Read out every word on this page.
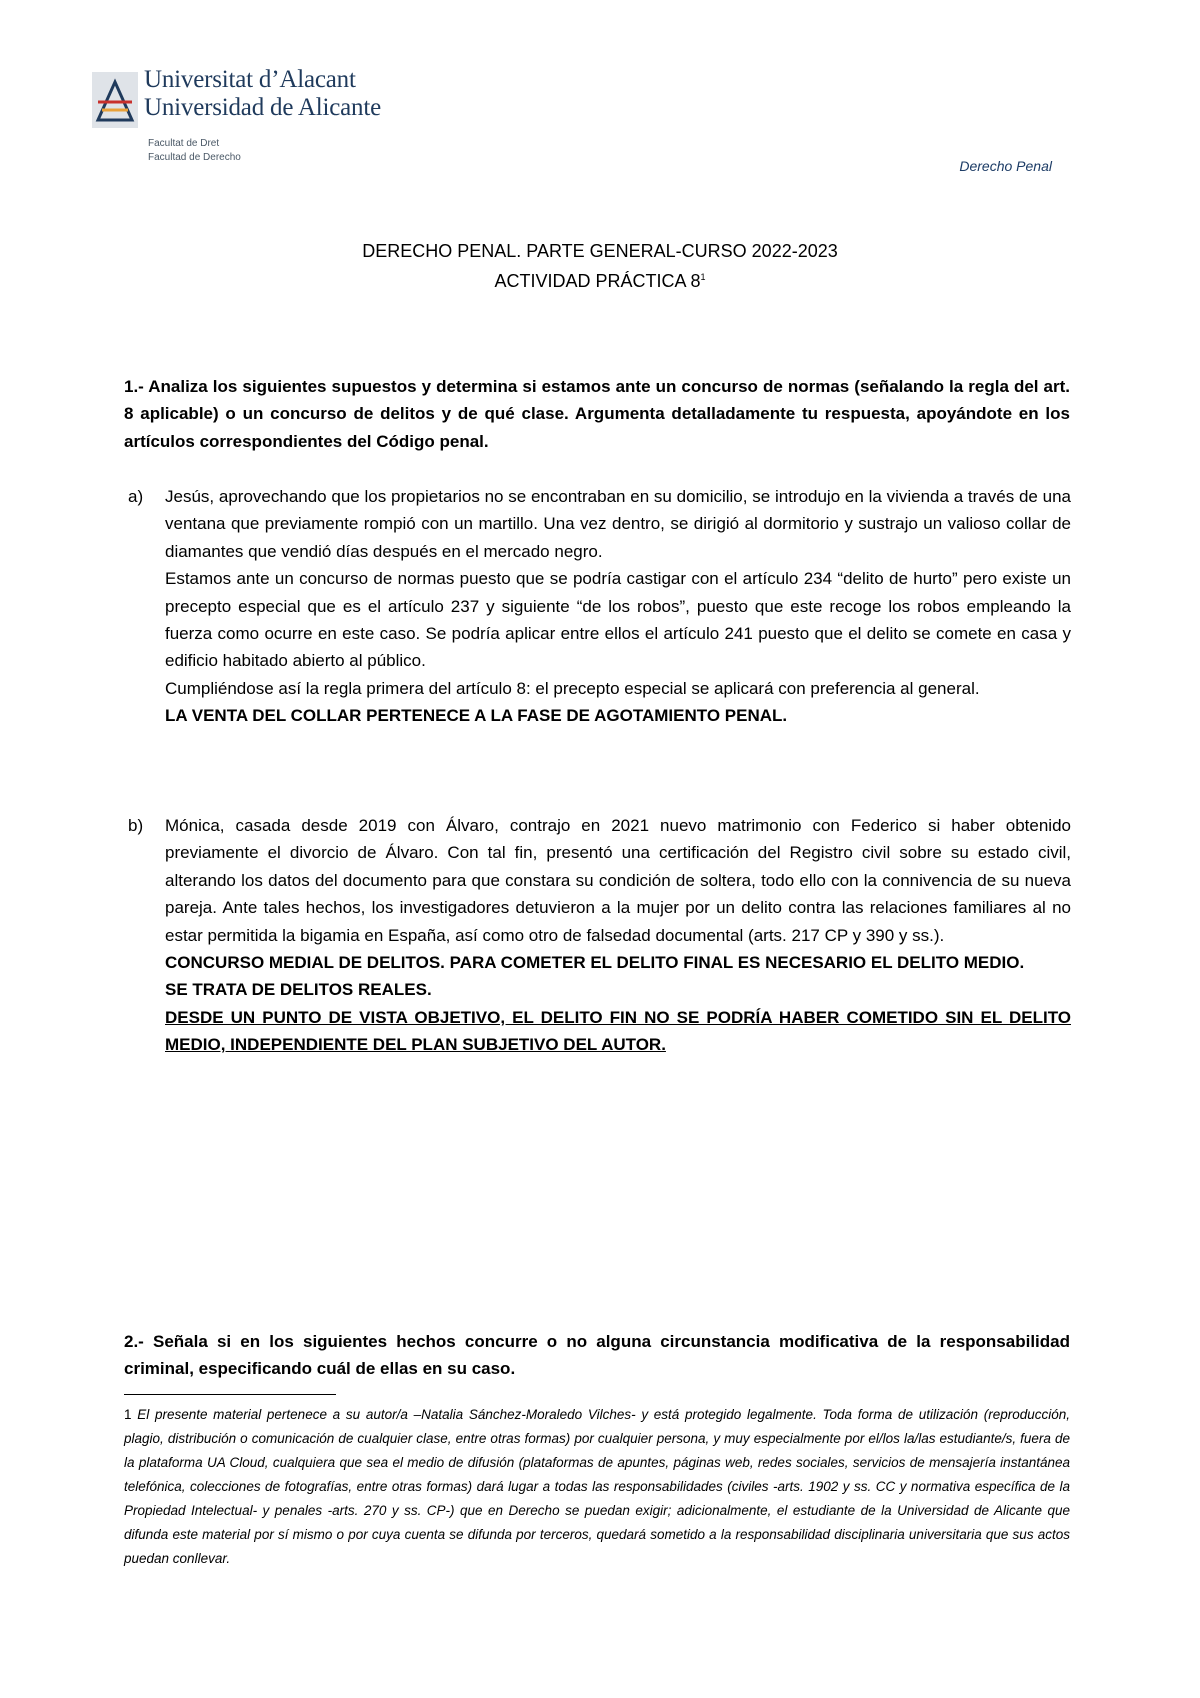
Universitat d’Alacant
Universidad de Alicante
Facultat de Dret
Facultad de Derecho
Derecho Penal
DERECHO PENAL. PARTE GENERAL-CURSO 2022-2023
ACTIVIDAD PRÁCTICA $8^1$
1.- Analiza los siguientes supuestos y determina si estamos ante un concurso de normas (señalando la regla del art. 8 aplicable) o un concurso de delitos y de qué clase. Argumenta detalladamente tu respuesta, apoyándote en los artículos correspondientes del Código penal.
a) Jesús, aprovechando que los propietarios no se encontraban en su domicilio, se introdujo en la vivienda a través de una ventana que previamente rompió con un martillo. Una vez dentro, se dirigió al dormitorio y sustrajo un valioso collar de diamantes que vendió días después en el mercado negro.

Estamos ante un concurso de normas puesto que se podría castigar con el artículo 234 “delito de hurto” pero existe un precepto especial que es el artículo 237 y siguiente “de los robos”, puesto que este recoge los robos empleando la fuerza como ocurre en este caso. Se podría aplicar entre ellos el artículo 241 puesto que el delito se comete en casa y edificio habitado abierto al público.

Cumpliéndose así la regla primera del artículo 8: el precepto especial se aplicará con preferencia al general.

LA VENTA DEL COLLAR PERTENECE A LA FASE DE AGOTAMIENTO PENAL.

b) Mónica, casada desde 2019 con Álvaro, contrajo en 2021 nuevo matrimonio con Federico si haber obtenido previamente el divorcio de Álvaro. Con tal fin, presentó una certificación del Registro civil sobre su estado civil, alterando los datos del documento para que constara su condición de soltera, todo ello con la connivencia de su nueva pareja. Ante tales hechos, los investigadores detuvieron a la mujer por un delito contra las relaciones familiares al no estar permitida la bigamia en España, así como otro de falsedad documental (arts. 217 CP y 390 y ss.).

CONCURSO MEDIAL DE DELITOS. PARA COMETER EL DELITO FINAL ES NECESARIO EL DELITO MEDIO.

SE TRATA DE DELITOS REALES.

DESDE UN PUNTO DE VISTA OBJETIVO, EL DELITO FIN NO SE PODRÍA HABER COMETIDO SIN EL DELITO MEDIO, INDEPENDIENTE DEL PLAN SUBJETIVO DEL AUTOR.

2.- Señala si en los siguientes hechos concurre o no alguna circunstancia modificativa de la responsabilidad criminal, especificando cuál de ellas en su caso.
1 El presente material pertenece a su autor/a –Natalia Sánchez-Moraledo Vilches- y está protegido legalmente. Toda forma de utilización (reproducción, plagio, distribución o comunicación de cualquier clase, entre otras formas) por cualquier persona, y muy especialmente por el/los la/las estudiante/s, fuera de la plataforma UA Cloud, cualquiera que sea el medio de difusión (plataformas de apuntes, páginas web, redes sociales, servicios de mensajería instantánea telefónica, colecciones de fotografías, entre otras formas) dará lugar a todas las responsabilidades (civiles -arts. 1902 y ss. CC y normativa específica de la Propiedad Intelectual- y penales -arts. 270 y ss. CP-) que en Derecho se puedan exigir; adicionalmente, el estudiante de la Universidad de Alicante que difunda este material por sí mismo o por cuya cuenta se difunda por terceros, quedará sometido a la responsabilidad disciplinaria universitaria que sus actos puedan conllevar.
